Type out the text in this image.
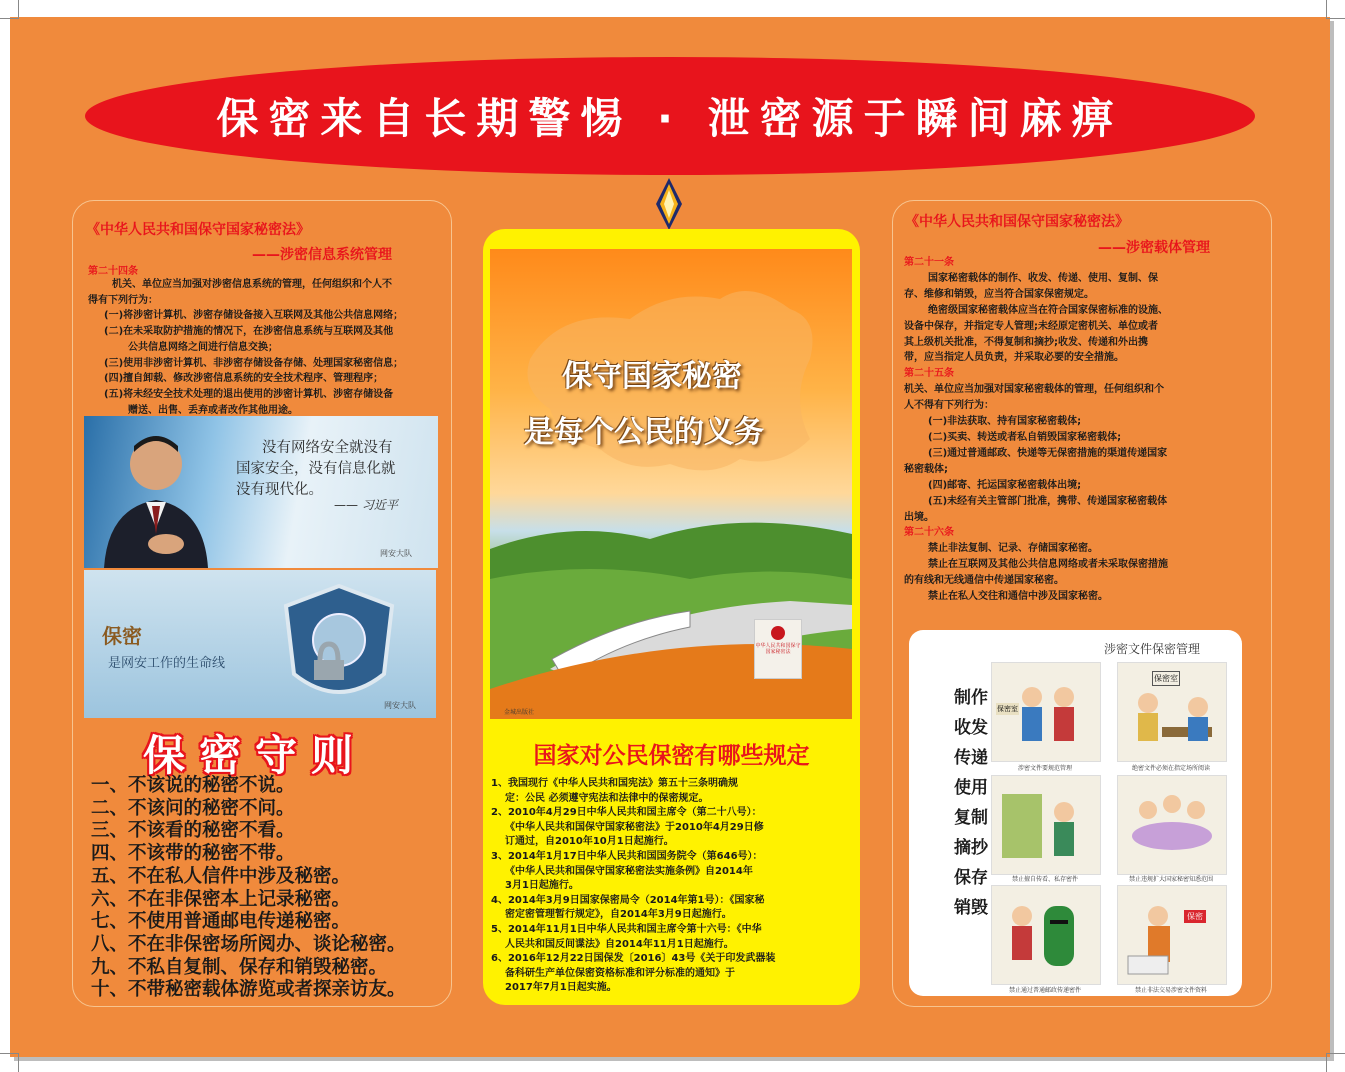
保密来自长期警惕 · 泄密源于瞬间麻痹
《中华人民共和国保守国家秘密法》
——涉密信息系统管理
第二十四条

机关、单位应当加强对涉密信息系统的管理，任何组织和个人不

得有下列行为：

(一)将涉密计算机、涉密存储设备接入互联网及其他公共信息网络；

(二)在未采取防护措施的情况下，在涉密信息系统与互联网及其他

公共信息网络之间进行信息交换；

(三)使用非涉密计算机、非涉密存储设备存储、处理国家秘密信息；

(四)擅自卸载、修改涉密信息系统的安全技术程序、管理程序；

(五)将未经安全技术处理的退出使用的涉密计算机、涉密存储设备

赠送、出售、丢弃或者改作其他用途。

没有网络安全就没有
国家安全，没有信息化就
没有现代化。
—— 习近平
网安大队
保密
是网安工作的生命线
网安大队
保密守则
一、不该说的秘密不说。
二、不该问的秘密不问。
三、不该看的秘密不看。
四、不该带的秘密不带。
五、不在私人信件中涉及秘密。
六、不在非保密本上记录秘密。
七、不使用普通邮电传递秘密。
八、不在非保密场所阅办、谈论秘密。
九、不私自复制、保存和销毁秘密。
十、不带秘密载体游览或者探亲访友。
保守国家秘密
是每个公民的义务
中华人民共和国保守国家秘密法
金城出版社
国家对公民保密有哪些规定

1、我国现行《中华人民共和国宪法》第五十三条明确规

定：公民 必须遵守宪法和法律中的保密规定。

2、2010年4月29日中华人民共和国主席令（第二十八号）：

《中华人民共和国保守国家秘密法》于2010年4月29日修

订通过，自2010年10月1日起施行。

3、2014年1月17日中华人民共和国国务院令（第646号）：

《中华人民共和国保守国家秘密法实施条例》自2014年

3月1日起施行。

4、2014年3月9日国家保密局令（2014年第1号）：《国家秘

密定密管理暂行规定》，自2014年3月9日起施行。

5、2014年11月1日中华人民共和国主席令第十六号：《中华

人民共和国反间谍法》自2014年11月1日起施行。

6、2016年12月22日国保发〔2016〕43号《关于印发武器装

备科研生产单位保密资格标准和评分标准的通知》于

2017年7月1日起实施。

《中华人民共和国保守国家秘密法》
——涉密载体管理
第二十一条

国家秘密载体的制作、收发、传递、使用、复制、保

存、维修和销毁，应当符合国家保密规定。

绝密级国家秘密载体应当在符合国家保密标准的设施、

设备中保存，并指定专人管理;未经原定密机关、单位或者

其上级机关批准，不得复制和摘抄;收发、传递和外出携

带，应当指定人员负责，并采取必要的安全措施。

第二十五条

机关、单位应当加强对国家秘密载体的管理，任何组织和个

人不得有下列行为：

(一)非法获取、持有国家秘密载体;

(二)买卖、转送或者私自销毁国家秘密载体;

(三)通过普通邮政、快递等无保密措施的渠道传递国家

秘密载体;

(四)邮寄、托运国家秘密载体出境;

(五)未经有关主管部门批准，携带、传递国家秘密载体

出境。

第二十六条

禁止非法复制、记录、存储国家秘密。

禁止在互联网及其他公共信息网络或者未采取保密措施

的有线和无线通信中传递国家秘密。

禁止在私人交往和通信中涉及国家秘密。

涉密文件保密管理
制作
收发
传递
使用
复制
摘抄
保存
销毁
保密室
涉密文件要规范管理
保密室
绝密文件必须在指定场所阅读
禁止擅自传看、私存密件	禁止违规扩大国家秘密知悉范围
禁止通过普通邮政传递密件
保密
禁止非法交易涉密文件资料
